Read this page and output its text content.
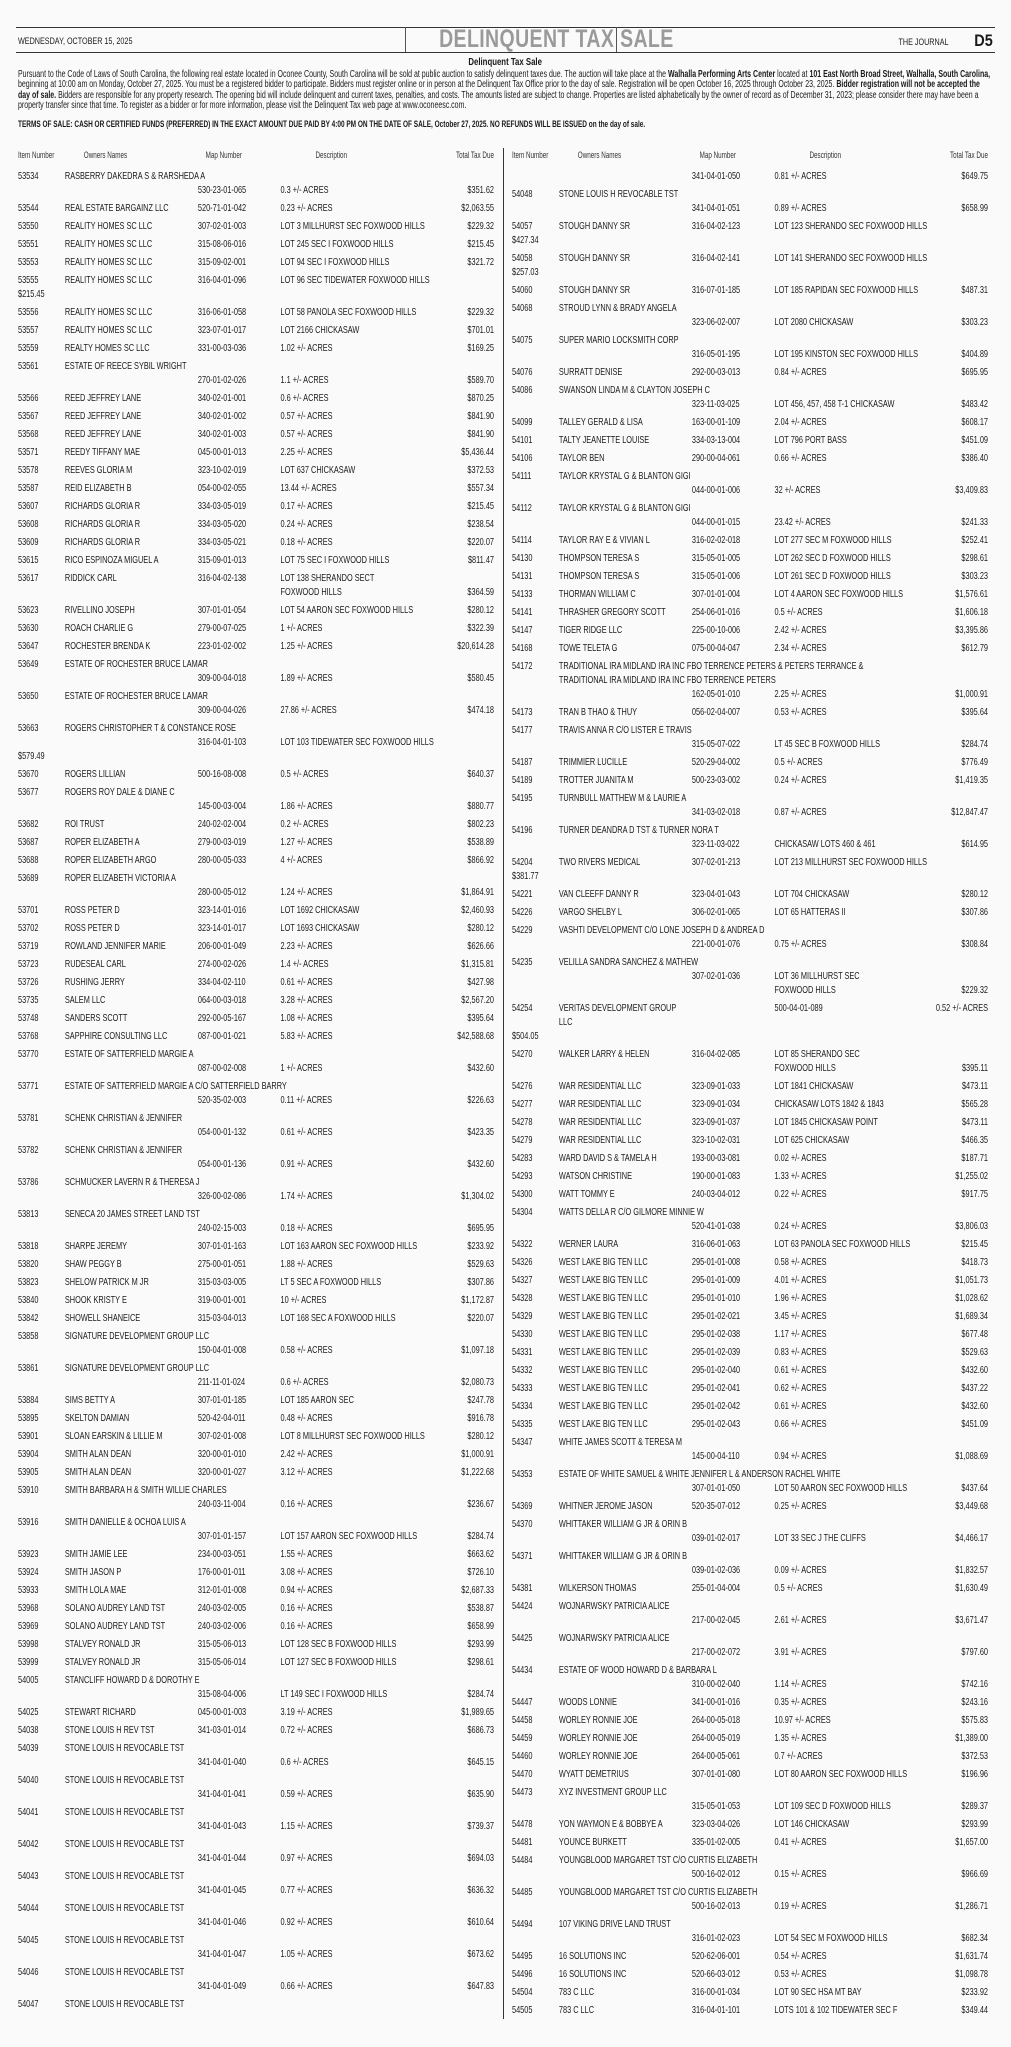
WEDNESDAY, OCTOBER 15, 2025	DELINQUENT TAX SALE	THE JOURNAL D5
Delinquent Tax Sale
Pursuant to the Code of Laws of South Carolina, the following real estate located in Oconee County, South Carolina will be sold at public auction to satisfy delinquent taxes due. The auction will take place at the Walhalla Performing Arts Center located at 101 East North Broad Street, Walhalla, South Carolina, beginning at 10:00 am on Monday, October 27, 2025. You must be a registered bidder to participate. Bidders must register online or in person at the Delinquent Tax Office prior to the day of sale. Registration will be open October 16, 2025 through October 23, 2025. Bidder registration will not be accepted the day of sale. Bidders are responsible for any property research. The opening bid will include delinquent and current taxes, penalties, and costs. The amounts listed are subject to change. Properties are listed alphabetically by the owner of record as of December 31, 2023; please consider there may have been a property transfer since that time. To register as a bidder or for more information, please visit the Delinquent Tax web page at www.oconeesc.com.
TERMS OF SALE: CASH OR CERTIFIED FUNDS (PREFERRED) IN THE EXACT AMOUNT DUE PAID BY 4:00 PM ON THE DATE OF SALE, October 27, 2025. NO REFUNDS WILL BE ISSUED on the day of sale.
Item Number	Owners Names	Map Number	Description	Total Tax Due
53534	RASBERRY DAKEDRA S & RARSHEDA A
530-23-01-065	0.3 +/- ACRES	$351.62
53544	REAL ESTATE BARGAINZ LLC	520-71-01-042	0.23 +/- ACRES	$2,063.55
53550	REALITY HOMES SC LLC	307-02-01-003	LOT 3 MILLHURST SEC FOXWOOD HILLS	$229.32
53551	REALITY HOMES SC LLC	315-08-06-016	LOT 245 SEC I FOXWOOD HILLS	$215.45
53553	REALITY HOMES SC LLC	315-09-02-001	LOT 94 SEC I FOXWOOD HILLS	$321.72
53555	REALITY HOMES SC LLC	316-04-01-096	LOT 96 SEC TIDEWATER FOXWOOD HILLS
$215.45
53556	REALITY HOMES SC LLC	316-06-01-058	LOT 58 PANOLA SEC FOXWOOD HILLS	$229.32
53557	REALITY HOMES SC LLC	323-07-01-017	LOT 2166 CHICKASAW	$701.01
53559	REALTY HOMES SC LLC	331-00-03-036	1.02 +/- ACRES	$169.25
53561	ESTATE OF REECE SYBIL WRIGHT
270-01-02-026	1.1 +/- ACRES	$589.70
53566	REED JEFFREY LANE	340-02-01-001	0.6 +/- ACRES	$870.25
53567	REED JEFFREY LANE	340-02-01-002	0.57 +/- ACRES	$841.90
53568	REED JEFFREY LANE	340-02-01-003	0.57 +/- ACRES	$841.90
53571	REEDY TIFFANY MAE	045-00-01-013	2.25 +/- ACRES	$5,436.44
53578	REEVES GLORIA M	323-10-02-019	LOT 637 CHICKASAW	$372.53
53587	REID ELIZABETH B	054-00-02-055	13.44 +/- ACRES	$557.34
53607	RICHARDS GLORIA R	334-03-05-019	0.17 +/- ACRES	$215.45
53608	RICHARDS GLORIA R	334-03-05-020	0.24 +/- ACRES	$238.54
53609	RICHARDS GLORIA R	334-03-05-021	0.18 +/- ACRES	$220.07
53615	RICO ESPINOZA MIGUEL A	315-09-01-013	LOT 75 SEC I FOXWOOD HILLS	$811.47
53617	RIDDICK CARL	316-04-02-138	LOT 138 SHERANDO SECT
FOXWOOD HILLS	$364.59
53623	RIVELLINO JOSEPH	307-01-01-054	LOT 54 AARON SEC FOXWOOD HILLS	$280.12
53630	ROACH CHARLIE G	279-00-07-025	1 +/- ACRES	$322.39
53647	ROCHESTER BRENDA K	223-01-02-002	1.25 +/- ACRES	$20,614.28
53649	ESTATE OF ROCHESTER BRUCE LAMAR
309-00-04-018	1.89 +/- ACRES	$580.45
53650	ESTATE OF ROCHESTER BRUCE LAMAR
309-00-04-026	27.86 +/- ACRES	$474.18
53663	ROGERS CHRISTOPHER T & CONSTANCE ROSE
316-04-01-103	LOT 103 TIDEWATER SEC FOXWOOD HILLS
$579.49
53670	ROGERS LILLIAN	500-16-08-008	0.5 +/- ACRES	$640.37
53677	ROGERS ROY DALE & DIANE C
145-00-03-004	1.86 +/- ACRES	$880.77
53682	ROI TRUST	240-02-02-004	0.2 +/- ACRES	$802.23
53687	ROPER ELIZABETH A	279-00-03-019	1.27 +/- ACRES	$538.89
53688	ROPER ELIZABETH ARGO	280-00-05-033	4 +/- ACRES	$866.92
53689	ROPER ELIZABETH VICTORIA A
280-00-05-012	1.24 +/- ACRES	$1,864.91
53701	ROSS PETER D	323-14-01-016	LOT 1692 CHICKASAW	$2,460.93
53702	ROSS PETER D	323-14-01-017	LOT 1693 CHICKASAW	$280.12
53719	ROWLAND JENNIFER MARIE	206-00-01-049	2.23 +/- ACRES	$626.66
53723	RUDESEAL CARL	274-00-02-026	1.4 +/- ACRES	$1,315.81
53726	RUSHING JERRY	334-04-02-110	0.61 +/- ACRES	$427.98
53735	SALEM LLC	064-00-03-018	3.28 +/- ACRES	$2,567.20
53748	SANDERS SCOTT	292-00-05-167	1.08 +/- ACRES	$395.64
53768	SAPPHIRE CONSULTING LLC	087-00-01-021	5.83 +/- ACRES	$42,588.68
53770	ESTATE OF SATTERFIELD MARGIE A
087-00-02-008	1 +/- ACRES	$432.60
53771	ESTATE OF SATTERFIELD MARGIE A C/O SATTERFIELD BARRY
520-35-02-003	0.11 +/- ACRES	$226.63
53781	SCHENK CHRISTIAN & JENNIFER
054-00-01-132	0.61 +/- ACRES	$423.35
53782	SCHENK CHRISTIAN & JENNIFER
054-00-01-136	0.91 +/- ACRES	$432.60
53786	SCHMUCKER LAVERN R & THERESA J
326-00-02-086	1.74 +/- ACRES	$1,304.02
53813	SENECA 20 JAMES STREET LAND TST
240-02-15-003	0.18 +/- ACRES	$695.95
53818	SHARPE JEREMY	307-01-01-163	LOT 163 AARON SEC FOXWOOD HILLS	$233.92
53820	SHAW PEGGY B	275-00-01-051	1.88 +/- ACRES	$529.63
53823	SHELOW PATRICK M JR	315-03-03-005	LT 5 SEC A FOXWOOD HILLS	$307.86
53840	SHOOK KRISTY E	319-00-01-001	10 +/- ACRES	$1,172.87
53842	SHOWELL SHANEICE	315-03-04-013	LOT 168 SEC A FOXWOOD HILLS	$220.07
53858	SIGNATURE DEVELOPMENT GROUP LLC
150-04-01-008	0.58 +/- ACRES	$1,097.18
53861	SIGNATURE DEVELOPMENT GROUP LLC
211-11-01-024	0.6 +/- ACRES	$2,080.73
53884	SIMS BETTY A	307-01-01-185	LOT 185 AARON SEC	$247.78
53895	SKELTON DAMIAN	520-42-04-011	0.48 +/- ACRES	$916.78
53901	SLOAN EARSKIN & LILLIE M	307-02-01-008	LOT 8 MILLHURST SEC FOXWOOD HILLS	$280.12
53904	SMITH ALAN DEAN	320-00-01-010	2.42 +/- ACRES	$1,000.91
53905	SMITH ALAN DEAN	320-00-01-027	3.12 +/- ACRES	$1,222.68
53910	SMITH BARBARA H & SMITH WILLIE CHARLES
240-03-11-004	0.16 +/- ACRES	$236.67
53916	SMITH DANIELLE & OCHOA LUIS A
307-01-01-157	LOT 157 AARON SEC FOXWOOD HILLS	$284.74
53923	SMITH JAMIE LEE	234-00-03-051	1.55 +/- ACRES	$663.62
53924	SMITH JASON P	176-00-01-011	3.08 +/- ACRES	$726.10
53933	SMITH LOLA MAE	312-01-01-008	0.94 +/- ACRES	$2,687.33
53968	SOLANO AUDREY LAND TST	240-03-02-005	0.16 +/- ACRES	$538.87
53969	SOLANO AUDREY LAND TST	240-03-02-006	0.16 +/- ACRES	$658.99
53998	STALVEY RONALD JR	315-05-06-013	LOT 128 SEC B FOXWOOD HILLS	$293.99
53999	STALVEY RONALD JR	315-05-06-014	LOT 127 SEC B FOXWOOD HILLS	$298.61
54005	STANCLIFF HOWARD D & DOROTHY E
315-08-04-006	LT 149 SEC I FOXWOOD HILLS	$284.74
54025	STEWART RICHARD	045-00-01-003	3.19 +/- ACRES	$1,989.65
54038	STONE LOUIS H REV TST	341-03-01-014	0.72 +/- ACRES	$686.73
54039	STONE LOUIS H REVOCABLE TST
341-04-01-040	0.6 +/- ACRES	$645.15
54040	STONE LOUIS H REVOCABLE TST
341-04-01-041	0.59 +/- ACRES	$635.90
54041	STONE LOUIS H REVOCABLE TST
341-04-01-043	1.15 +/- ACRES	$739.37
54042	STONE LOUIS H REVOCABLE TST
341-04-01-044	0.97 +/- ACRES	$694.03
54043	STONE LOUIS H REVOCABLE TST
341-04-01-045	0.77 +/- ACRES	$636.32
54044	STONE LOUIS H REVOCABLE TST
341-04-01-046	0.92 +/- ACRES	$610.64
54045	STONE LOUIS H REVOCABLE TST
341-04-01-047	1.05 +/- ACRES	$673.62
54046	STONE LOUIS H REVOCABLE TST
341-04-01-049	0.66 +/- ACRES	$647.83
54047	STONE LOUIS H REVOCABLE TST
Item Number	Owners Names	Map Number	Description	Total Tax Due
341-04-01-050	0.81 +/- ACRES	$649.75
54048	STONE LOUIS H REVOCABLE TST
341-04-01-051	0.89 +/- ACRES	$658.99
54057	STOUGH DANNY SR	316-04-02-123	LOT 123 SHERANDO SEC FOXWOOD HILLS
$427.34
54058	STOUGH DANNY SR	316-04-02-141	LOT 141 SHERANDO SEC FOXWOOD HILLS
$257.03
54060	STOUGH DANNY SR	316-07-01-185	LOT 185 RAPIDAN SEC FOXWOOD HILLS	$487.31
54068	STROUD LYNN & BRADY ANGELA
323-06-02-007	LOT 2080 CHICKASAW	$303.23
54075	SUPER MARIO LOCKSMITH CORP
316-05-01-195	LOT 195 KINSTON SEC FOXWOOD HILLS	$404.89
54076	SURRATT DENISE	292-00-03-013	0.84 +/- ACRES	$695.95
54086	SWANSON LINDA M & CLAYTON JOSEPH C
323-11-03-025	LOT 456, 457, 458 T-1 CHICKASAW	$483.42
54099	TALLEY GERALD & LISA	163-00-01-109	2.04 +/- ACRES	$608.17
54101	TALTY JEANETTE LOUISE	334-03-13-004	LOT 796 PORT BASS	$451.09
54106	TAYLOR BEN	290-00-04-061	0.66 +/- ACRES	$386.40
54111	TAYLOR KRYSTAL G & BLANTON GIGI
044-00-01-006	32 +/- ACRES	$3,409.83
54112	TAYLOR KRYSTAL G & BLANTON GIGI
044-00-01-015	23.42 +/- ACRES	$241.33
54114	TAYLOR RAY E & VIVIAN L	316-02-02-018	LOT 277 SEC M FOXWOOD HILLS	$252.41
54130	THOMPSON TERESA S	315-05-01-005	LOT 262 SEC D FOXWOOD HILLS	$298.61
54131	THOMPSON TERESA S	315-05-01-006	LOT 261 SEC D FOXWOOD HILLS	$303.23
54133	THORMAN WILLIAM C	307-01-01-004	LOT 4 AARON SEC FOXWOOD HILLS	$1,576.61
54141	THRASHER GREGORY SCOTT	254-06-01-016	0.5 +/- ACRES	$1,606.18
54147	TIGER RIDGE LLC	225-00-10-006	2.42 +/- ACRES	$3,395.86
54168	TOWE TELETA G	075-00-04-047	2.34 +/- ACRES	$612.79
54172	TRADITIONAL IRA MIDLAND IRA INC FBO TERRENCE PETERS & PETERS TERRANCE &
TRADITIONAL IRA MIDLAND IRA INC FBO TERRENCE PETERS
162-05-01-010	2.25 +/- ACRES	$1,000.91
54173	TRAN B THAO & THUY	056-02-04-007	0.53 +/- ACRES	$395.64
54177	TRAVIS ANNA R C/O LISTER E TRAVIS
315-05-07-022	LT 45 SEC B FOXWOOD HILLS	$284.74
54187	TRIMMIER LUCILLE	520-29-04-002	0.5 +/- ACRES	$776.49
54189	TROTTER JUANITA M	500-23-03-002	0.24 +/- ACRES	$1,419.35
54195	TURNBULL MATTHEW M & LAURIE A
341-03-02-018	0.87 +/- ACRES	$12,847.47
54196	TURNER DEANDRA D TST & TURNER NORA T
323-11-03-022	CHICKASAW LOTS 460 & 461	$614.95
54204	TWO RIVERS MEDICAL	307-02-01-213	LOT 213 MILLHURST SEC FOXWOOD HILLS
$381.77
54221	VAN CLEEFF DANNY R	323-04-01-043	LOT 704 CHICKASAW	$280.12
54226	VARGO SHELBY L	306-02-01-065	LOT 65 HATTERAS II	$307.86
54229	VASHTI DEVELOPMENT C/O LONE JOSEPH D & ANDREA D
221-00-01-076	0.75 +/- ACRES	$308.84
54235	VELILLA SANDRA SANCHEZ & MATHEW
307-02-01-036	LOT 36 MILLHURST SEC
FOXWOOD HILLS	$229.32
54254	VERITAS DEVELOPMENT GROUP LLC
500-04-01-089	0.52 +/- ACRES
$504.05
54270	WALKER LARRY & HELEN	316-04-02-085	LOT 85 SHERANDO SEC
FOXWOOD HILLS	$395.11
54276	WAR RESIDENTIAL LLC	323-09-01-033	LOT 1841 CHICKASAW	$473.11
54277	WAR RESIDENTIAL LLC	323-09-01-034	CHICKASAW LOTS 1842 & 1843	$565.28
54278	WAR RESIDENTIAL LLC	323-09-01-037	LOT 1845 CHICKASAW POINT	$473.11
54279	WAR RESIDENTIAL LLC	323-10-02-031	LOT 625 CHICKASAW	$466.35
54283	WARD DAVID S & TAMELA H	193-00-03-081	0.02 +/- ACRES	$187.71
54293	WATSON CHRISTINE	190-00-01-083	1.33 +/- ACRES	$1,255.02
54300	WATT TOMMY E	240-03-04-012	0.22 +/- ACRES	$917.75
54304	WATTS DELLA R C/O GILMORE MINNIE W
520-41-01-038	0.24 +/- ACRES	$3,806.03
54322	WERNER LAURA	316-06-01-063	LOT 63 PANOLA SEC FOXWOOD HILLS	$215.45
54326	WEST LAKE BIG TEN LLC	295-01-01-008	0.58 +/- ACRES	$418.73
54327	WEST LAKE BIG TEN LLC	295-01-01-009	4.01 +/- ACRES	$1,051.73
54328	WEST LAKE BIG TEN LLC	295-01-01-010	1.96 +/- ACRES	$1,028.62
54329	WEST LAKE BIG TEN LLC	295-01-02-021	3.45 +/- ACRES	$1,689.34
54330	WEST LAKE BIG TEN LLC	295-01-02-038	1.17 +/- ACRES	$677.48
54331	WEST LAKE BIG TEN LLC	295-01-02-039	0.83 +/- ACRES	$529.63
54332	WEST LAKE BIG TEN LLC	295-01-02-040	0.61 +/- ACRES	$432.60
54333	WEST LAKE BIG TEN LLC	295-01-02-041	0.62 +/- ACRES	$437.22
54334	WEST LAKE BIG TEN LLC	295-01-02-042	0.61 +/- ACRES	$432.60
54335	WEST LAKE BIG TEN LLC	295-01-02-043	0.66 +/- ACRES	$451.09
54347	WHITE JAMES SCOTT & TERESA M
145-00-04-110	0.94 +/- ACRES	$1,088.69
54353	ESTATE OF WHITE SAMUEL & WHITE JENNIFER L & ANDERSON RACHEL WHITE
307-01-01-050	LOT 50 AARON SEC FOXWOOD HILLS	$437.64
54369	WHITNER JEROME JASON	520-35-07-012	0.25 +/- ACRES	$3,449.68
54370	WHITTAKER WILLIAM G JR & ORIN B
039-01-02-017	LOT 33 SEC J THE CLIFFS	$4,466.17
54371	WHITTAKER WILLIAM G JR & ORIN B
039-01-02-036	0.09 +/- ACRES	$1,832.57
54381	WILKERSON THOMAS	255-01-04-004	0.5 +/- ACRES	$1,630.49
54424	WOJNARWSKY PATRICIA ALICE
217-00-02-045	2.61 +/- ACRES	$3,671.47
54425	WOJNARWSKY PATRICIA ALICE
217-00-02-072	3.91 +/- ACRES	$797.60
54434	ESTATE OF WOOD HOWARD D & BARBARA L
310-00-02-040	1.14 +/- ACRES	$742.16
54447	WOODS LONNIE	341-00-01-016	0.35 +/- ACRES	$243.16
54458	WORLEY RONNIE JOE	264-00-05-018	10.97 +/- ACRES	$575.83
54459	WORLEY RONNIE JOE	264-00-05-019	1.35 +/- ACRES	$1,389.00
54460	WORLEY RONNIE JOE	264-00-05-061	0.7 +/- ACRES	$372.53
54470	WYATT DEMETRIUS	307-01-01-080	LOT 80 AARON SEC FOXWOOD HILLS	$196.96
54473	XYZ INVESTMENT GROUP LLC
315-05-01-053	LOT 109 SEC D FOXWOOD HILLS	$289.37
54478	YON WAYMON E & BOBBYE A	323-03-04-026	LOT 146 CHICKASAW	$293.99
54481	YOUNCE BURKETT	335-01-02-005	0.41 +/- ACRES	$1,657.00
54484	YOUNGBLOOD MARGARET TST C/O CURTIS ELIZABETH
500-16-02-012	0.15 +/- ACRES	$966.69
54485	YOUNGBLOOD MARGARET TST C/O CURTIS ELIZABETH
500-16-02-013	0.19 +/- ACRES	$1,286.71
54494	107 VIKING DRIVE LAND TRUST
316-01-02-023	LOT 54 SEC M FOXWOOD HILLS	$682.34
54495	16 SOLUTIONS INC	520-62-06-001	0.54 +/- ACRES	$1,631.74
54496	16 SOLUTIONS INC	520-66-03-012	0.53 +/- ACRES	$1,098.78
54504	783 C LLC	316-00-01-034	LOT 90 SEC HSA MT BAY	$233.92
54505	783 C LLC	316-04-01-101	LOTS 101 & 102 TIDEWATER SEC F	$349.44
